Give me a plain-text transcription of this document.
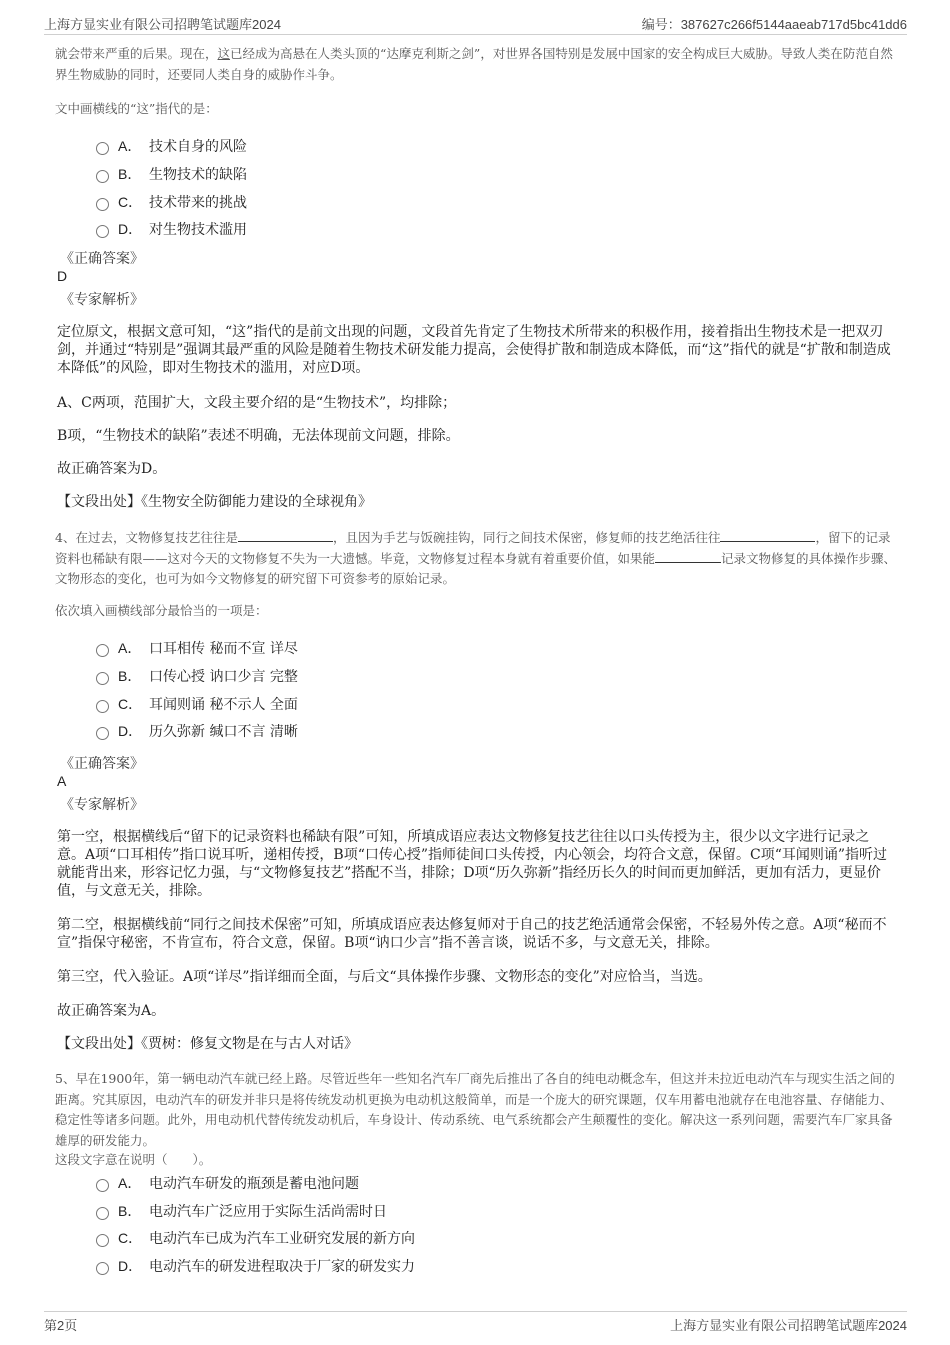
上海方显实业有限公司招聘笔试题库2024	编号：387627c266f5144aaeab717d5bc41dd6

就会带来严重的后果。现在，这已经成为高悬在人类头顶的“达摩克利斯之剑”，对世界各国特别是发展中国家的安全构成巨大威胁。导致人类在防范自然界生物威胁的同时，还要同人类自身的威胁作斗争。

文中画横线的“这”指代的是：

A． 技术自身的风险
B． 生物技术的缺陷
C． 技术带来的挑战
D． 对生物技术滥用
《正确答案》
D
《专家解析》

定位原文，根据文意可知，“这”指代的是前文出现的问题，文段首先肯定了生物技术所带来的积极作用，接着指出生物技术是一把双刃剑，并通过“特别是”强调其最严重的风险是随着生物技术研发能力提高，会使得扩散和制造成本降低，而“这”指代的就是“扩散和制造成本降低”的风险，即对生物技术的滥用，对应D项。

A、C两项，范围扩大，文段主要介绍的是“生物技术”，均排除；

B项，“生物技术的缺陷”表述不明确，无法体现前文问题，排除。

故正确答案为D。

【文段出处】《生物安全防御能力建设的全球视角》

4、在过去，文物修复技艺往往是	，且因为手艺与饭碗挂钩，同行之间技术保密，修复师的技艺绝活往往	，留下的记录资料也稀缺有限——这对今天的文物修复不失为一大遗憾。毕竟，文物修复过程本身就有着重要价值，如果能	记录文物修复的具体操作步骤、文物形态的变化，也可为如今文物修复的研究留下可资参考的原始记录。

依次填入画横线部分最恰当的一项是：

A． 口耳相传 秘而不宣 详尽
B． 口传心授 讷口少言 完整
C． 耳闻则诵 秘不示人 全面
D． 历久弥新 缄口不言 清晰
《正确答案》
A
《专家解析》

第一空，根据横线后“留下的记录资料也稀缺有限”可知，所填成语应表达文物修复技艺往往以口头传授为主，很少以文字进行记录之意。A项“口耳相传”指口说耳听，递相传授，B项“口传心授”指师徒间口头传授，内心领会，均符合文意，保留。C项“耳闻则诵”指听过就能背出来，形容记忆力强，与“文物修复技艺”搭配不当，排除；D项“历久弥新”指经历长久的时间而更加鲜活，更加有活力，更显价值，与文意无关，排除。

第二空，根据横线前“同行之间技术保密”可知，所填成语应表达修复师对于自己的技艺绝活通常会保密，不轻易外传之意。A项“秘而不宣”指保守秘密，不肯宣布，符合文意，保留。B项“讷口少言”指不善言谈，说话不多，与文意无关，排除。

第三空，代入验证。A项“详尽”指详细而全面，与后文“具体操作步骤、文物形态的变化”对应恰当，当选。

故正确答案为A。

【文段出处】《贾树：修复文物是在与古人对话》

5、早在1900年，第一辆电动汽车就已经上路。尽管近些年一些知名汽车厂商先后推出了各自的纯电动概念车，但这并未拉近电动汽车与现实生活之间的距离。究其原因，电动汽车的研发并非只是将传统发动机更换为电动机这般简单，而是一个庞大的研究课题，仅车用蓄电池就存在电池容量、存储能力、稳定性等诸多问题。此外，用电动机代替传统发动机后，车身设计、传动系统、电气系统都会产生颠覆性的变化。解决这一系列问题，需要汽车厂家具备雄厚的研发能力。

这段文字意在说明（　　）。

A． 电动汽车研发的瓶颈是蓄电池问题
B． 电动汽车广泛应用于实际生活尚需时日
C． 电动汽车已成为汽车工业研究发展的新方向
D． 电动汽车的研发进程取决于厂家的研发实力
第2页	上海方显实业有限公司招聘笔试题库2024
